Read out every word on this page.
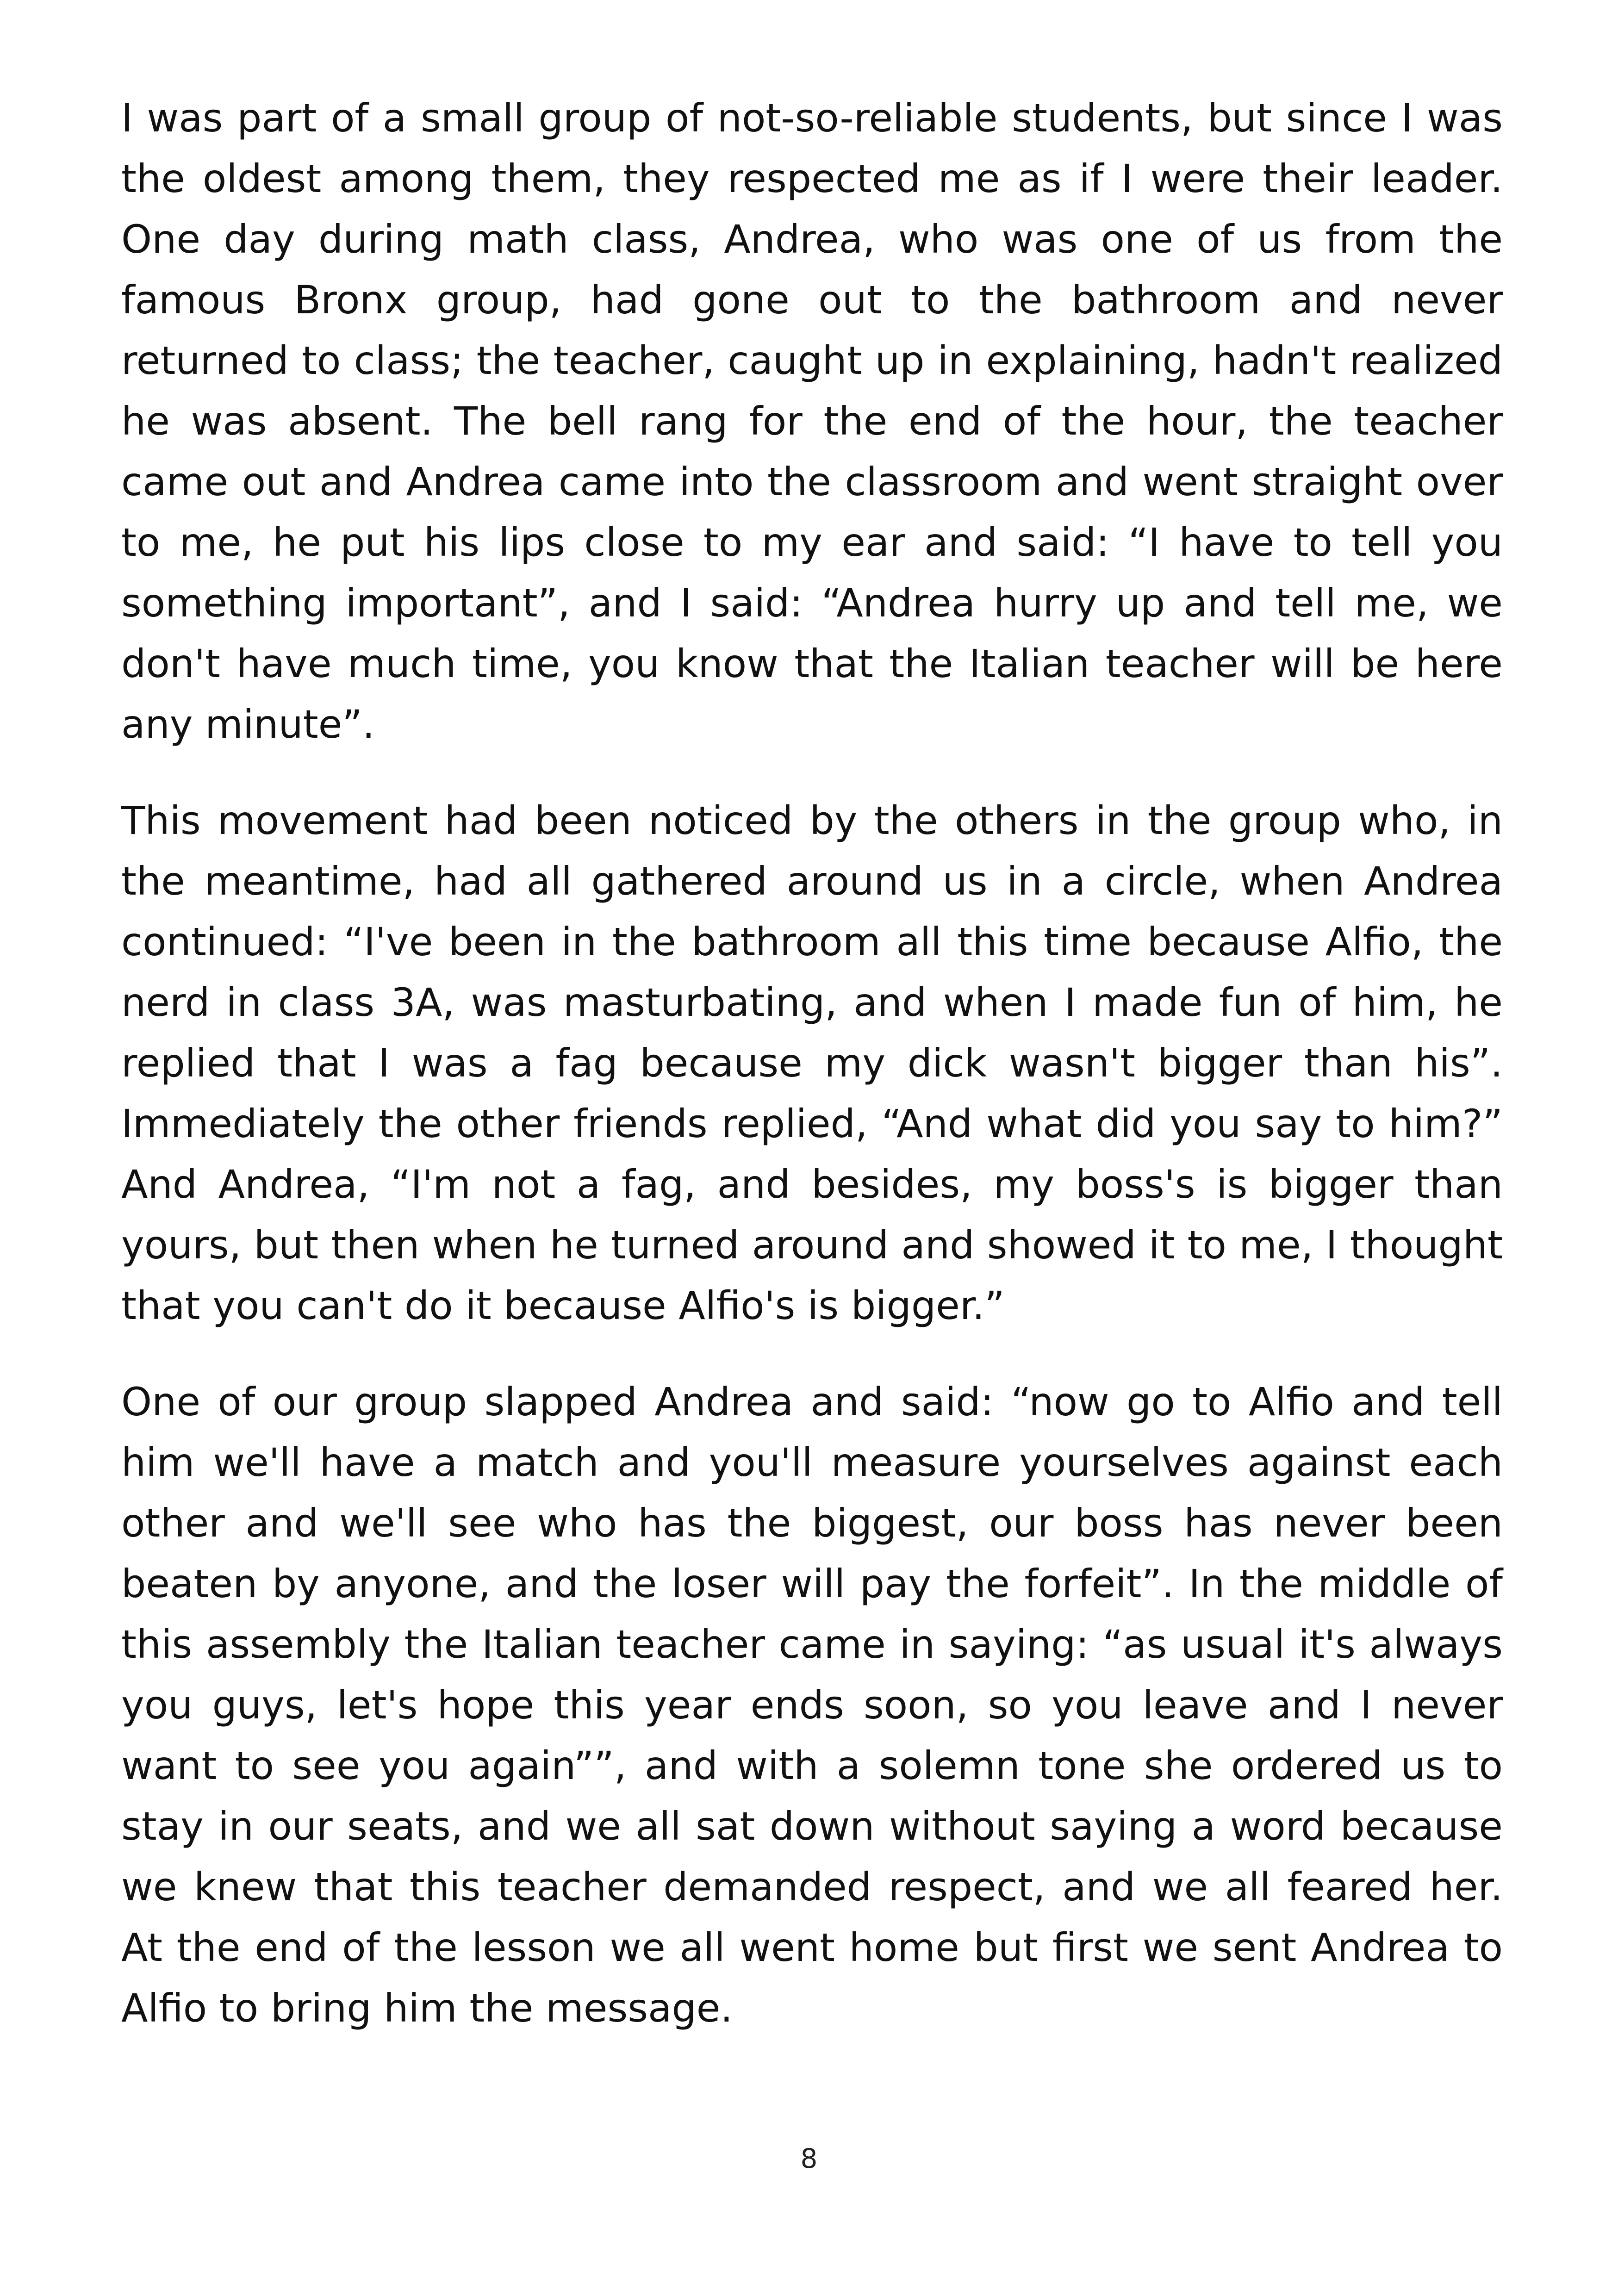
I was part of a small group of not-so-reliable students, but since I was the oldest among them, they respected me as if I were their leader. One day during math class, Andrea, who was one of us from the famous Bronx group, had gone out to the bathroom and never returned to class; the teacher, caught up in explaining, hadn't realized he was absent. The bell rang for the end of the hour, the teacher came out and Andrea came into the classroom and went straight over to me, he put his lips close to my ear and said: “I have to tell you something important”, and I said: “Andrea hurry up and tell me, we don't have much time, you know that the Italian teacher will be here any minute”.

This movement had been noticed by the others in the group who, in the meantime, had all gathered around us in a circle, when Andrea continued: “I've been in the bathroom all this time because Alfio, the nerd in class 3A, was masturbating, and when I made fun of him, he replied that I was a fag because my dick wasn't bigger than his”. Immediately the other friends replied, “And what did you say to him?” And Andrea, “I'm not a fag, and besides, my boss's is bigger than yours, but then when he turned around and showed it to me, I thought that you can't do it because Alfio's is bigger.”

One of our group slapped Andrea and said: “now go to Alfio and tell him we'll have a match and you'll measure yourselves against each other and we'll see who has the biggest, our boss has never been beaten by anyone, and the loser will pay the forfeit”. In the middle of this assembly the Italian teacher came in saying: “as usual it's always you guys, let's hope this year ends soon, so you leave and I never want to see you again””, and with a solemn tone she ordered us to stay in our seats, and we all sat down without saying a word because we knew that this teacher demanded respect, and we all feared her. At the end of the lesson we all went home but first we sent Andrea to Alfio to bring him the message.

8
